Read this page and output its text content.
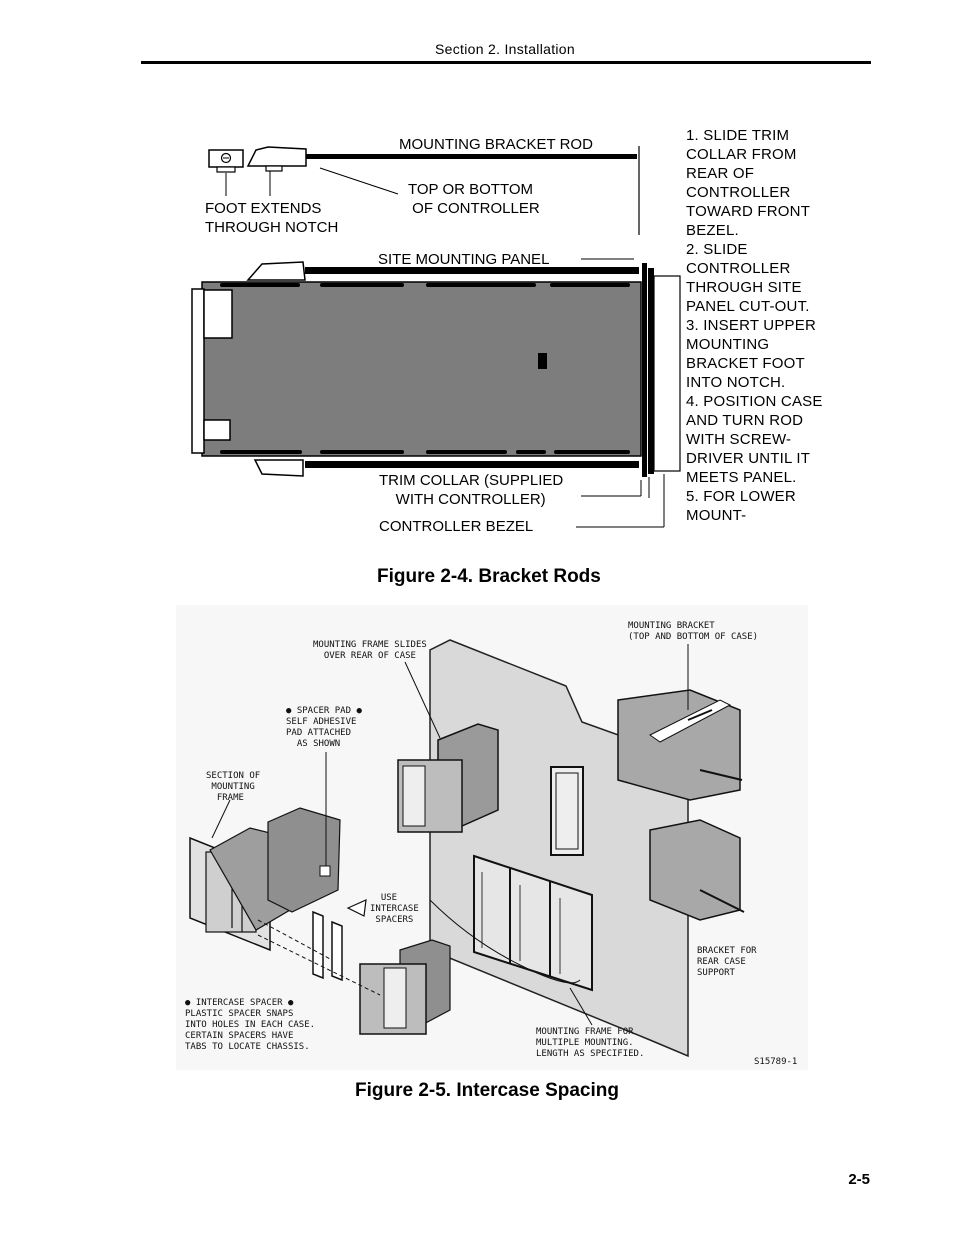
Section 2. Installation
MOUNTING BRACKET ROD
TOP OR BOTTOM
OF CONTROLLER
FOOT EXTENDS
THROUGH NOTCH
SITE MOUNTING PANEL
TRIM COLLAR (SUPPLIED
WITH CONTROLLER)
CONTROLLER BEZEL
1. SLIDE TRIM
COLLAR FROM
REAR OF
CONTROLLER
TOWARD FRONT
BEZEL.
2. SLIDE
CONTROLLER
THROUGH SITE
PANEL CUT-OUT.
3. INSERT UPPER
MOUNTING
BRACKET FOOT
INTO NOTCH.
4. POSITION CASE
AND TURN ROD
WITH SCREW-
DRIVER UNTIL IT
MEETS PANEL.
5. FOR LOWER
MOUNT-
Figure 2-4. Bracket Rods
MOUNTING FRAME SLIDES
OVER REAR OF CASE
MOUNTING BRACKET
(TOP AND BOTTOM OF CASE)
● SPACER PAD ●
SELF ADHESIVE
PAD ATTACHED
AS SHOWN
SECTION OF
MOUNTING
FRAME
USE
INTERCASE
SPACERS
● INTERCASE SPACER ●
PLASTIC SPACER SNAPS
INTO HOLES IN EACH CASE.
CERTAIN SPACERS HAVE
TABS TO LOCATE CHASSIS.
BRACKET FOR
REAR CASE
SUPPORT
MOUNTING FRAME FOR
MULTIPLE MOUNTING.
LENGTH AS SPECIFIED.
S15789-1
Figure 2-5. Intercase Spacing
2-5
